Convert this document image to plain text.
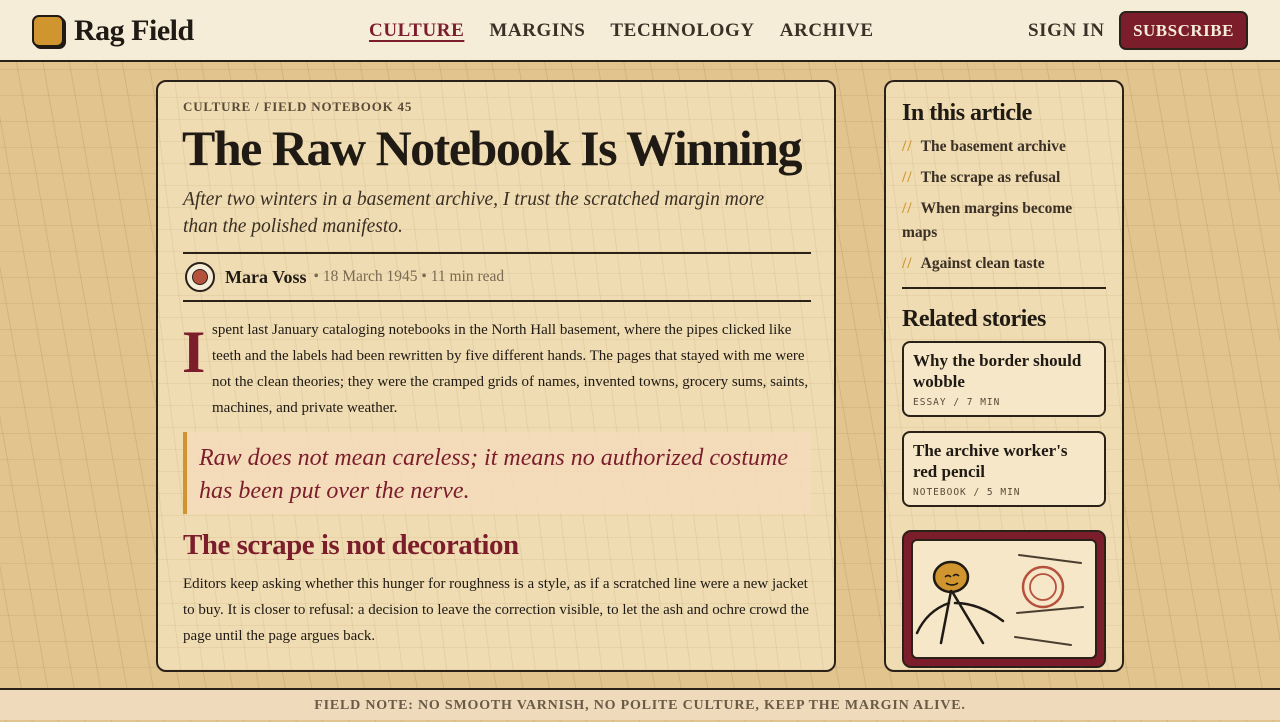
Rag Field	CULTURE MARGINS TECHNOLOGY ARCHIVE	SIGN IN	SUBSCRIBE
CULTURE / FIELD NOTEBOOK 45
The Raw Notebook Is Winning

After two winters in a basement archive, I trust the scratched margin more than the polished manifesto.

Mara Voss • 18 March 1945 • 11 min read
I spent last January cataloging notebooks in the North Hall basement, where the pipes clicked like teeth and the labels had been rewritten by five different hands. The pages that stayed with me were not the clean theories; they were the cramped grids of names, invented towns, grocery sums, saints, machines, and private weather.

Raw does not mean careless; it means no authorized costume has been put over the nerve.
The scrape is not decoration

Editors keep asking whether this hunger for roughness is a style, as if a scratched line were a new jacket to buy. It is closer to refusal: a decision to leave the correction visible, to let the ash and ochre crowd the page until the page argues back.

In this article
// The basement archive
// The scrape as refusal
// When margins become maps
// Against clean taste
Related stories

Why the border should wobble

ESSAY / 7 MIN

The archive worker's red pencil

NOTEBOOK / 5 MIN
FIELD NOTE: NO SMOOTH VARNISH, NO POLITE CULTURE, KEEP THE MARGIN ALIVE.
